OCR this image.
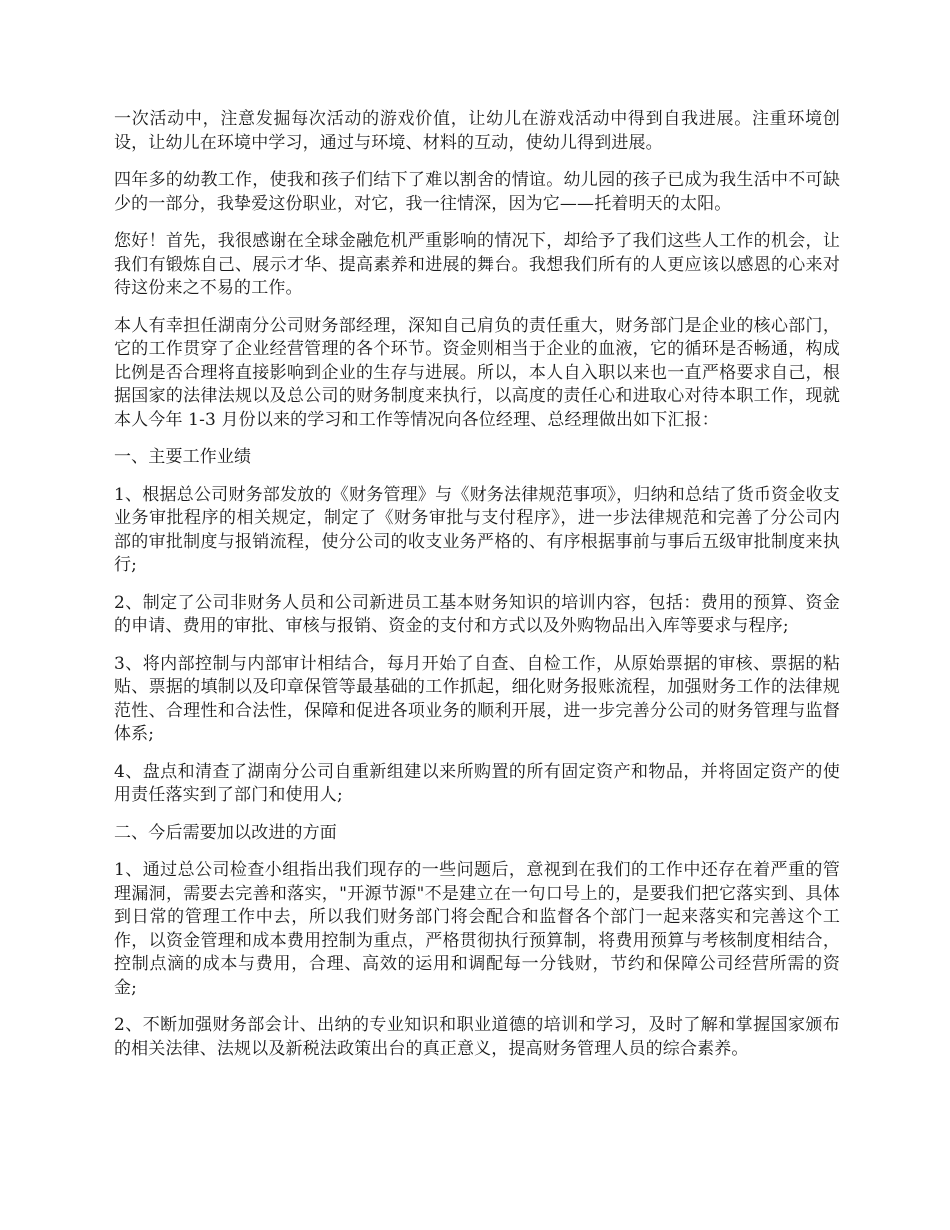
一次活动中，注意发掘每次活动的游戏价值，让幼儿在游戏活动中得到自我进展。注重环境创设，让幼儿在环境中学习，通过与环境、材料的互动，使幼儿得到进展。

四年多的幼教工作，使我和孩子们结下了难以割舍的情谊。幼儿园的孩子已成为我生活中不可缺少的一部分，我挚爱这份职业，对它，我一往情深，因为它——托着明天的太阳。

您好！首先，我很感谢在全球金融危机严重影响的情况下，却给予了我们这些人工作的机会，让我们有锻炼自己、展示才华、提高素养和进展的舞台。我想我们所有的人更应该以感恩的心来对待这份来之不易的工作。

本人有幸担任湖南分公司财务部经理，深知自己肩负的责任重大，财务部门是企业的核心部门，它的工作贯穿了企业经营管理的各个环节。资金则相当于企业的血液，它的循环是否畅通，构成比例是否合理将直接影响到企业的生存与进展。所以，本人自入职以来也一直严格要求自己，根据国家的法律法规以及总公司的财务制度来执行，以高度的责任心和进取心对待本职工作，现就本人今年 1-3 月份以来的学习和工作等情况向各位经理、总经理做出如下汇报：

一、主要工作业绩

1、根据总公司财务部发放的《财务管理》与《财务法律规范事项》，归纳和总结了货币资金收支业务审批程序的相关规定，制定了《财务审批与支付程序》，进一步法律规范和完善了分公司内部的审批制度与报销流程，使分公司的收支业务严格的、有序根据事前与事后五级审批制度来执行;

2、制定了公司非财务人员和公司新进员工基本财务知识的培训内容，包括：费用的预算、资金的申请、费用的审批、审核与报销、资金的支付和方式以及外购物品出入库等要求与程序;

3、将内部控制与内部审计相结合，每月开始了自查、自检工作，从原始票据的审核、票据的粘贴、票据的填制以及印章保管等最基础的工作抓起，细化财务报账流程，加强财务工作的法律规范性、合理性和合法性，保障和促进各项业务的顺利开展，进一步完善分公司的财务管理与监督体系;

4、盘点和清查了湖南分公司自重新组建以来所购置的所有固定资产和物品，并将固定资产的使用责任落实到了部门和使用人;

二、今后需要加以改进的方面

1、通过总公司检查小组指出我们现存的一些问题后，意视到在我们的工作中还存在着严重的管理漏洞，需要去完善和落实，"开源节源"不是建立在一句口号上的，是要我们把它落实到、具体到日常的管理工作中去，所以我们财务部门将会配合和监督各个部门一起来落实和完善这个工作，以资金管理和成本费用控制为重点，严格贯彻执行预算制，将费用预算与考核制度相结合，控制点滴的成本与费用，合理、高效的运用和调配每一分钱财，节约和保障公司经营所需的资金;

2、不断加强财务部会计、出纳的专业知识和职业道德的培训和学习，及时了解和掌握国家颁布的相关法律、法规以及新税法政策出台的真正意义，提高财务管理人员的综合素养。
